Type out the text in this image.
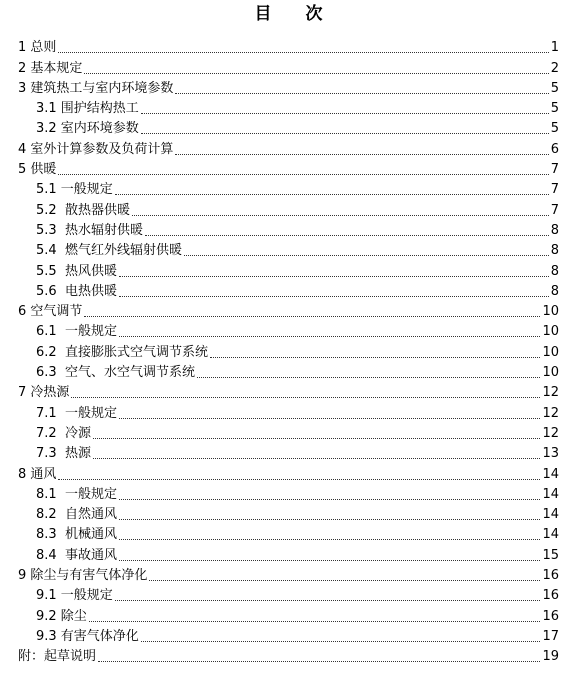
目 次
1 总则	1
2 基本规定	2
3 建筑热工与室内环境参数	5
3.1 围护结构热工	5
3.2 室内环境参数	5
4 室外计算参数及负荷计算	6
5 供暖	7
5.1 一般规定	7
5.2  散热器供暖	7
5.3  热水辐射供暖	8
5.4  燃气红外线辐射供暖	8
5.5  热风供暖	8
5.6  电热供暖	8
6 空气调节	10
6.1  一般规定	10
6.2  直接膨胀式空气调节系统	10
6.3  空气、水空气调节系统	10
7 冷热源	12
7.1  一般规定	12
7.2  冷源	12
7.3  热源	13
8 通风	14
8.1  一般规定	14
8.2  自然通风	14
8.3  机械通风	14
8.4  事故通风	15
9 除尘与有害气体净化	16
9.1 一般规定	16
9.2 除尘	16
9.3 有害气体净化	17
附：起草说明	19
